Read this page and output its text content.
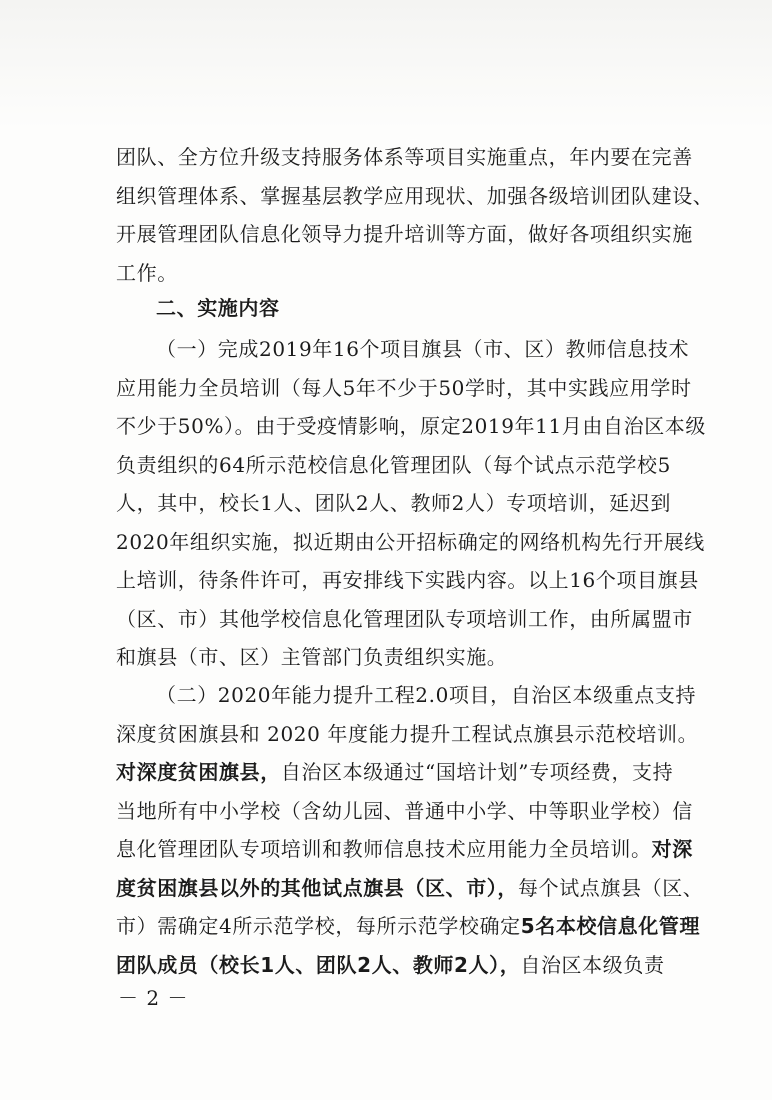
团队、全方位升级支持服务体系等项目实施重点，年内要在完善
组织管理体系、掌握基层教学应用现状、加强各级培训团队建设、
开展管理团队信息化领导力提升培训等方面，做好各项组织实施
工作。

二、实施内容

（一）完成2019年16个项目旗县（市、区）教师信息技术
应用能力全员培训（每人5年不少于50学时，其中实践应用学时
不少于50%）。由于受疫情影响，原定2019年11月由自治区本级
负责组织的64所示范校信息化管理团队（每个试点示范学校5
人，其中，校长1人、团队2人、教师2人）专项培训，延迟到
2020年组织实施，拟近期由公开招标确定的网络机构先行开展线
上培训，待条件许可，再安排线下实践内容。以上16个项目旗县
（区、市）其他学校信息化管理团队专项培训工作，由所属盟市
和旗县（市、区）主管部门负责组织实施。

（二）2020年能力提升工程2.0项目，自治区本级重点支持
深度贫困旗县和 2020 年度能力提升工程试点旗县示范校培训。
对深度贫困旗县，自治区本级通过“国培计划”专项经费，支持
当地所有中小学校（含幼儿园、普通中小学、中等职业学校）信
息化管理团队专项培训和教师信息技术应用能力全员培训。对深
度贫困旗县以外的其他试点旗县（区、市），每个试点旗县（区、
市）需确定4所示范学校，每所示范学校确定5名本校信息化管理
团队成员（校长1人、团队2人、教师2人），自治区本级负责

－ 2 －
